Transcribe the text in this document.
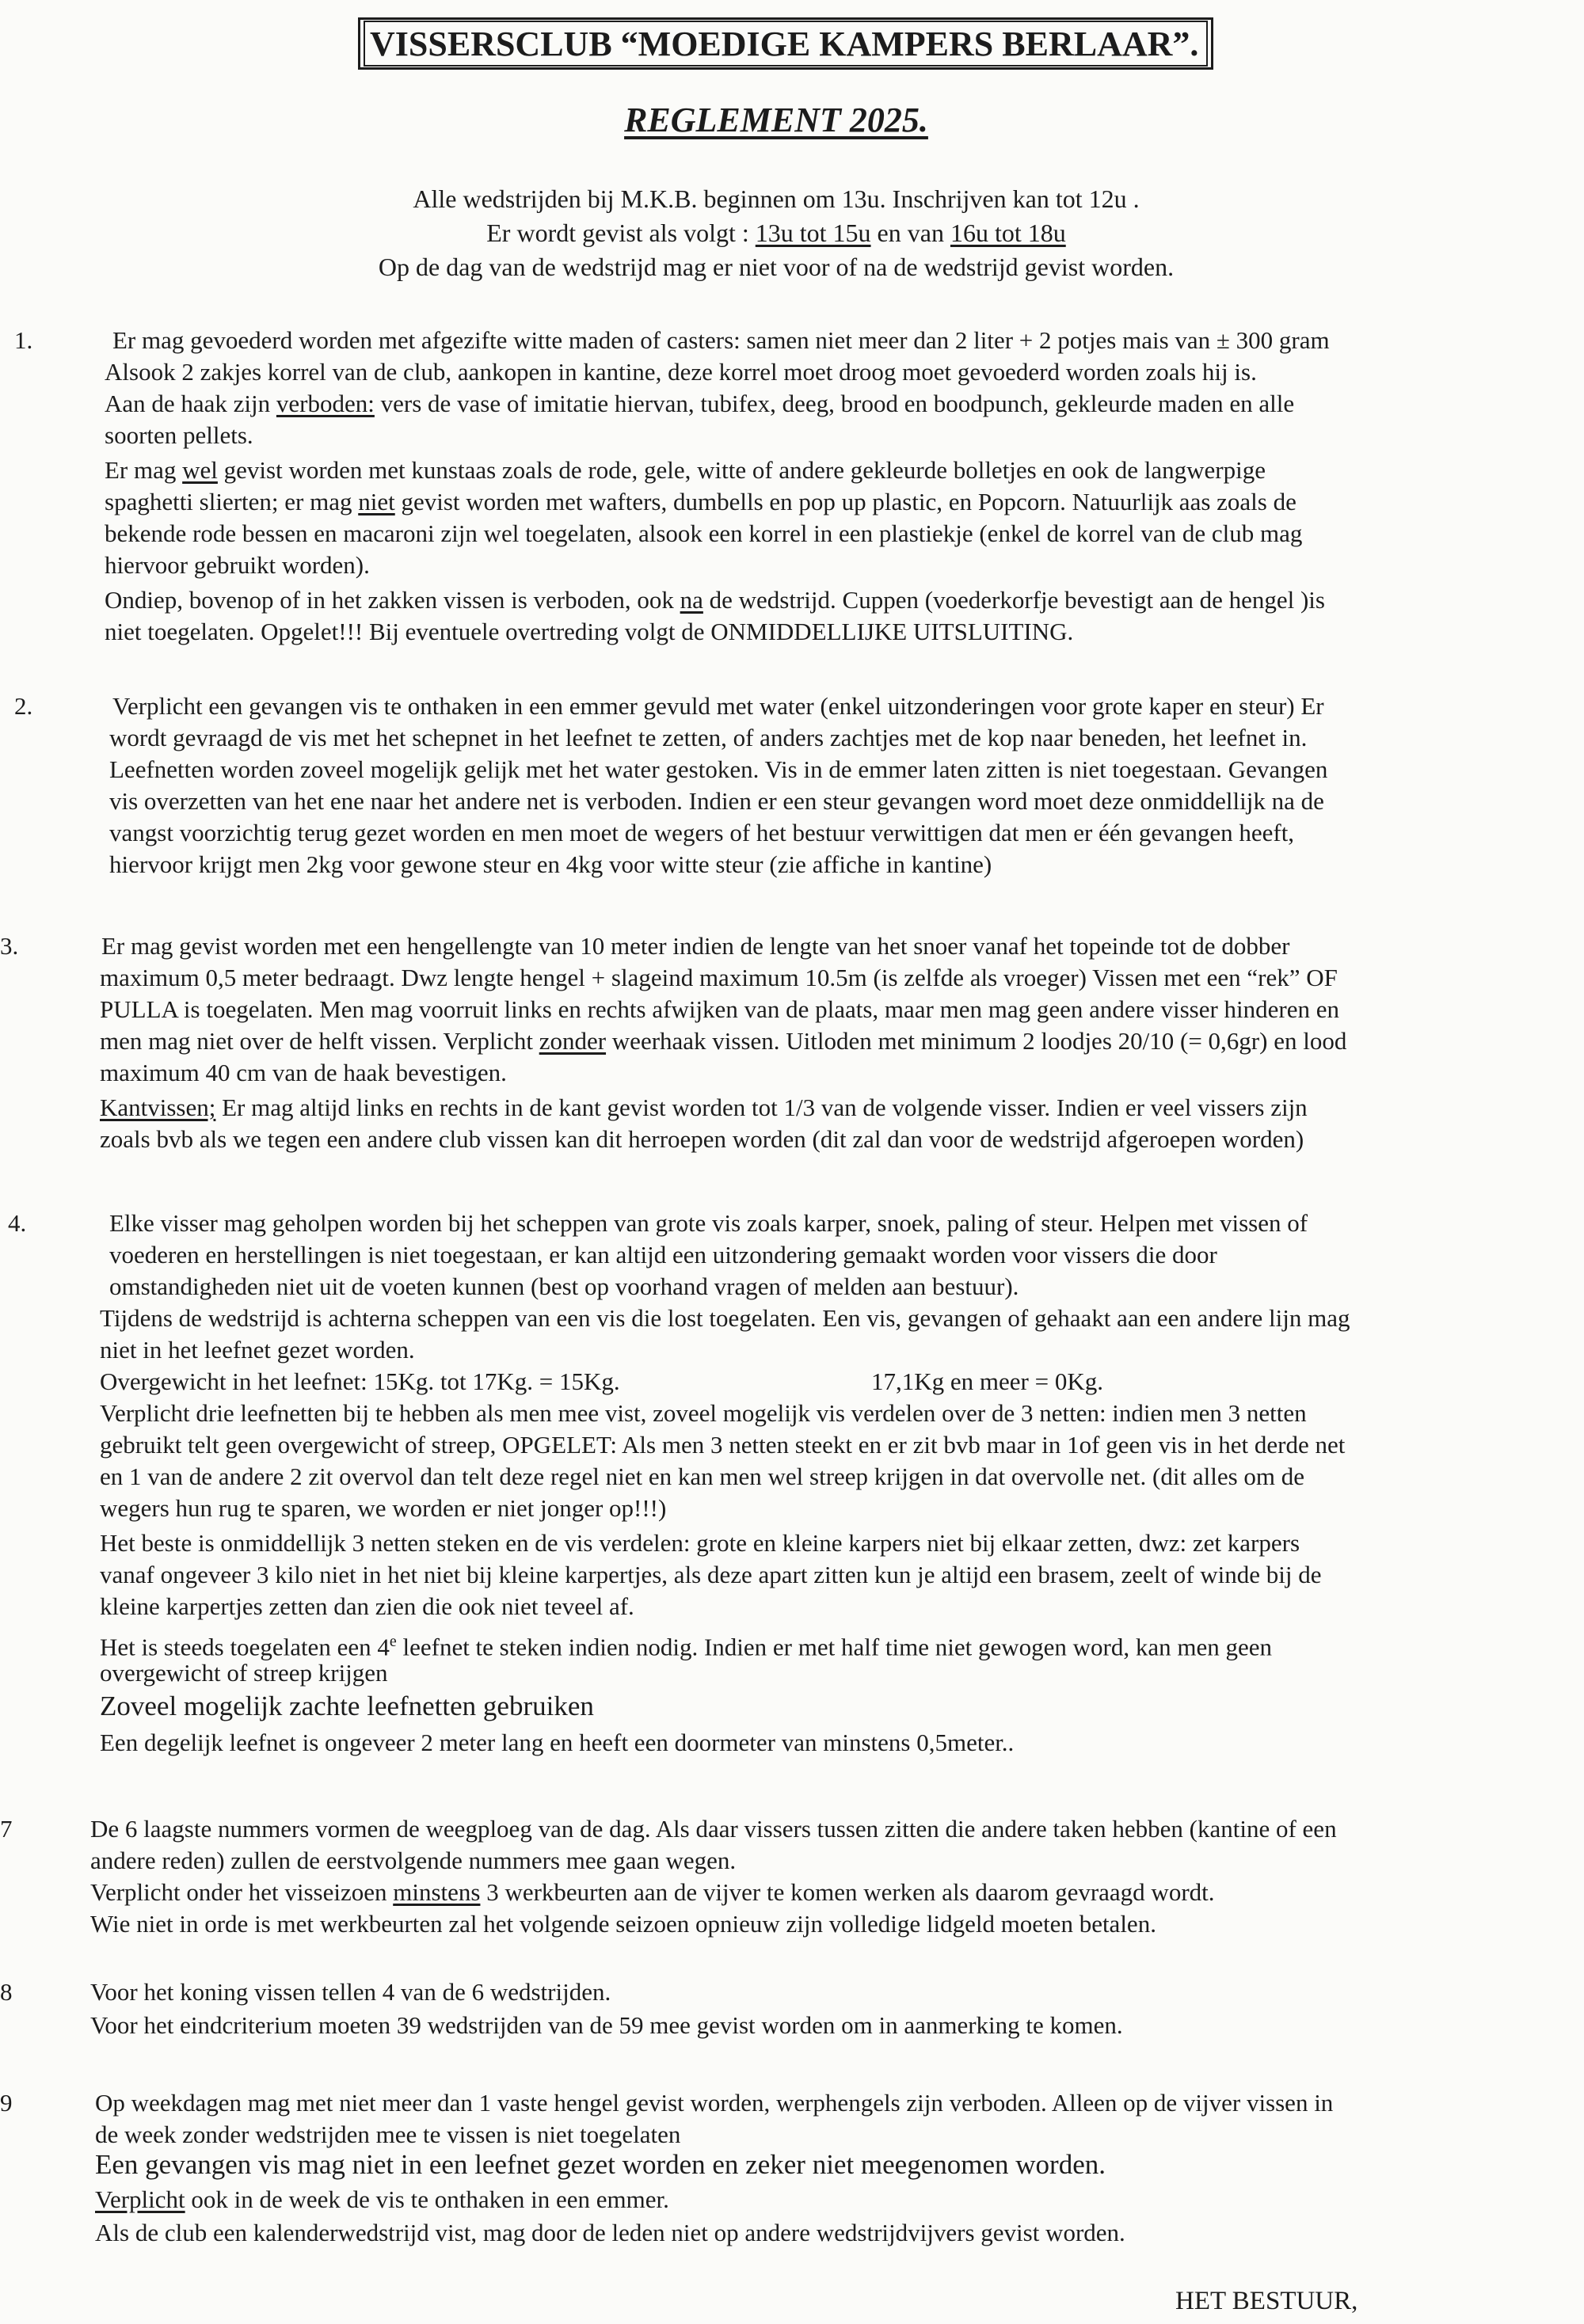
VISSERSCLUB “MOEDIGE KAMPERS BERLAAR”.
REGLEMENT 2025.

Alle wedstrijden bij M.K.B. beginnen om 13u. Inschrijven kan tot 12u .

Er wordt gevist als volgt : 13u tot 15u en van 16u tot 18u

Op de dag van de wedstrijd mag er niet voor of na de wedstrijd gevist worden.

1.	Er mag gevoederd worden met afgezifte witte maden of casters: samen niet meer dan 2 liter + 2 potjes mais van ± 300 gram
Alsook 2 zakjes korrel van de club, aankopen in kantine, deze korrel moet droog moet gevoederd worden zoals hij is.
Aan de haak zijn verboden: vers de vase of imitatie hiervan, tubifex, deeg, brood en boodpunch, gekleurde maden en alle
soorten pellets.
Er mag wel gevist worden met kunstaas zoals de rode, gele, witte of andere gekleurde bolletjes en ook de langwerpige
spaghetti slierten; er mag niet gevist worden met wafters, dumbells en pop up plastic, en Popcorn. Natuurlijk aas zoals de
bekende rode bessen en macaroni zijn wel toegelaten, alsook een korrel in een plastiekje (enkel de korrel van de club mag
hiervoor gebruikt worden).
Ondiep, bovenop of in het zakken vissen is verboden, ook na de wedstrijd. Cuppen (voederkorfje bevestigt aan de hengel )is
niet toegelaten. Opgelet!!! Bij eventuele overtreding volgt de ONMIDDELLIJKE UITSLUITING.
2.	Verplicht een gevangen vis te onthaken in een emmer gevuld met water (enkel uitzonderingen voor grote kaper en steur) Er
wordt gevraagd de vis met het schepnet in het leefnet te zetten, of anders zachtjes met de kop naar beneden, het leefnet in.
Leefnetten worden zoveel mogelijk gelijk met het water gestoken. Vis in de emmer laten zitten is niet toegestaan. Gevangen
vis overzetten van het ene naar het andere net is verboden. Indien er een steur gevangen word moet deze onmiddellijk na de
vangst voorzichtig terug gezet worden en men moet de wegers of het bestuur verwittigen dat men er één gevangen heeft,
hiervoor krijgt men 2kg voor gewone steur en 4kg voor witte steur (zie affiche in kantine)
3.	Er mag gevist worden met een hengellengte van 10 meter indien de lengte van het snoer vanaf het topeinde tot de dobber
maximum 0,5 meter bedraagt. Dwz lengte hengel + slageind maximum 10.5m (is zelfde als vroeger) Vissen met een “rek” OF
PULLA is toegelaten. Men mag voorruit links en rechts afwijken van de plaats, maar men mag geen andere visser hinderen en
men mag niet over de helft vissen. Verplicht zonder weerhaak vissen. Uitloden met minimum 2 loodjes 20/10 (= 0,6gr) en lood
maximum 40 cm van de haak bevestigen.
Kantvissen; Er mag altijd links en rechts in de kant gevist worden tot 1/3 van de volgende visser. Indien er veel vissers zijn
zoals bvb als we tegen een andere club vissen kan dit herroepen worden (dit zal dan voor de wedstrijd afgeroepen worden)
4.	Elke visser mag geholpen worden bij het scheppen van grote vis zoals karper, snoek, paling of steur. Helpen met vissen of
voederen en herstellingen is niet toegestaan, er kan altijd een uitzondering gemaakt worden voor vissers die door
omstandigheden niet uit de voeten kunnen (best op voorhand vragen of melden aan bestuur).
Tijdens de wedstrijd is achterna scheppen van een vis die lost toegelaten. Een vis, gevangen of gehaakt aan een andere lijn mag
niet in het leefnet gezet worden.
Overgewicht in het leefnet: 15Kg. tot 17Kg. = 15Kg.	17,1Kg en meer = 0Kg.
Verplicht drie leefnetten bij te hebben als men mee vist, zoveel mogelijk vis verdelen over de 3 netten: indien men 3 netten
gebruikt telt geen overgewicht of streep, OPGELET: Als men 3 netten steekt en er zit bvb maar in 1of geen vis in het derde net
en 1 van de andere 2 zit overvol dan telt deze regel niet en kan men wel streep krijgen in dat overvolle net. (dit alles om de
wegers hun rug te sparen, we worden er niet jonger op!!!)
Het beste is onmiddellijk 3 netten steken en de vis verdelen: grote en kleine karpers niet bij elkaar zetten, dwz: zet karpers
vanaf ongeveer 3 kilo niet in het niet bij kleine karpertjes, als deze apart zitten kun je altijd een brasem, zeelt of winde bij de
kleine karpertjes zetten dan zien die ook niet teveel af.
Het is steeds toegelaten een 4e leefnet te steken indien nodig. Indien er met half time niet gewogen word, kan men geen
overgewicht of streep krijgen
Zoveel mogelijk zachte leefnetten gebruiken
Een degelijk leefnet is ongeveer 2 meter lang en heeft een doormeter van minstens 0,5meter..
7	De 6 laagste nummers vormen de weegploeg van de dag. Als daar vissers tussen zitten die andere taken hebben (kantine of een
andere reden) zullen de eerstvolgende nummers mee gaan wegen.
Verplicht onder het visseizoen minstens 3 werkbeurten aan de vijver te komen werken als daarom gevraagd wordt.
Wie niet in orde is met werkbeurten zal het volgende seizoen opnieuw zijn volledige lidgeld moeten betalen.
8	Voor het koning vissen tellen 4 van de 6 wedstrijden.
Voor het eindcriterium moeten 39 wedstrijden van de 59 mee gevist worden om in aanmerking te komen.
9	Op weekdagen mag met niet meer dan 1 vaste hengel gevist worden, werphengels zijn verboden. Alleen op de vijver vissen in
de week zonder wedstrijden mee te vissen is niet toegelaten
Een gevangen vis mag niet in een leefnet gezet worden en zeker niet meegenomen worden.
Verplicht ook in de week de vis te onthaken in een emmer.
Als de club een kalenderwedstrijd vist, mag door de leden niet op andere wedstrijdvijvers gevist worden.
HET BESTUUR,
